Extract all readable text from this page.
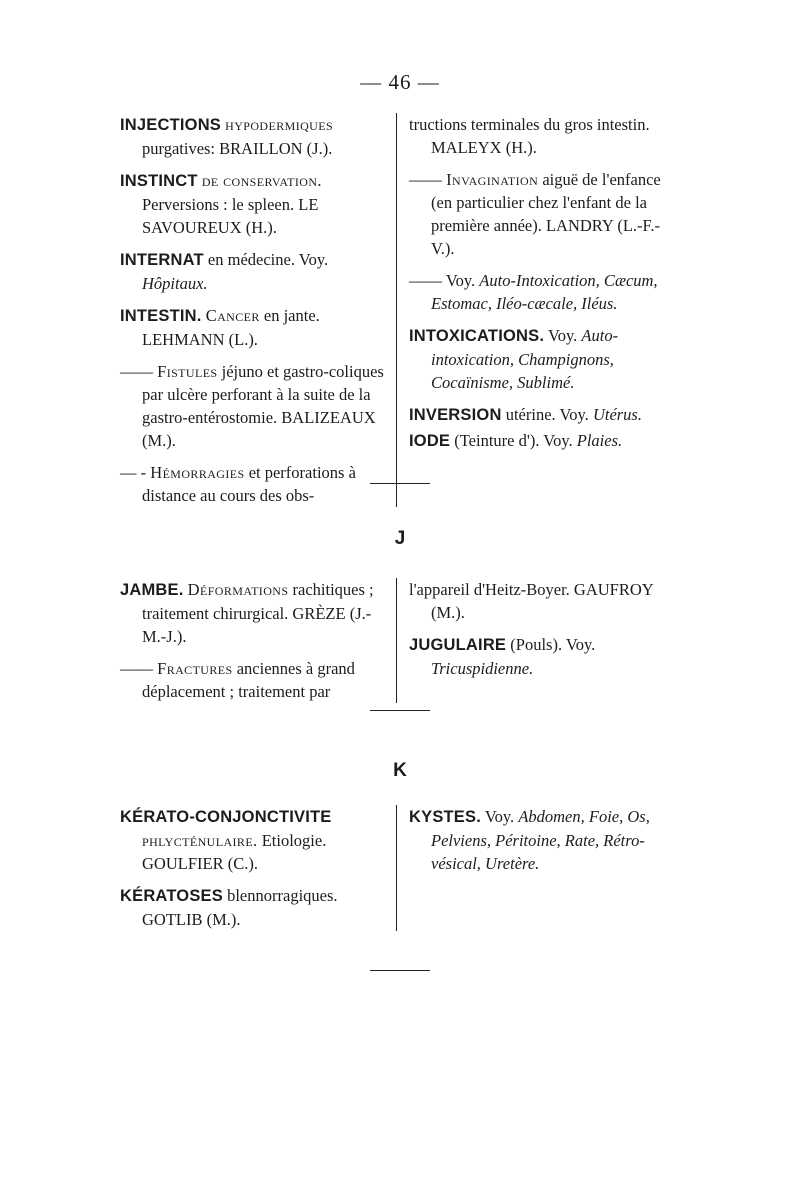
— 46 —

INJECTIONS hypodermiques purgatives: BRAILLON (J.).

INSTINCT de conservation. Perversions : le spleen. LE SAVOUREUX (H.).

INTERNAT en médecine. Voy. Hôpitaux.

INTESTIN. Cancer en jante. LEHMANN (L.).

—— Fistules jéjuno et gastro-coliques par ulcère perforant à la suite de la gastro-entérostomie. BALIZEAUX (M.).

— - Hémorragies et perforations à distance au cours des obs-

tructions terminales du gros intestin. MALEYX (H.).

—— Invagination aiguë de l'enfance (en particulier chez l'enfant de la première année). LANDRY (L.-F.-V.).

—— Voy. Auto-Intoxication, Cæcum, Estomac, Iléo-cæcale, Iléus.

INTOXICATIONS. Voy. Auto-intoxication, Champignons, Cocaïnisme, Sublimé.

INVERSION utérine. Voy. Utérus.

IODE (Teinture d'). Voy. Plaies.

J

JAMBE. Déformations rachitiques ; traitement chirurgical. GRÈZE (J.-M.-J.).

—— Fractures anciennes à grand déplacement ; traitement par

l'appareil d'Heitz-Boyer. GAUFROY (M.).

JUGULAIRE (Pouls). Voy. Tricuspidienne.

K

KÉRATO-CONJONCTIVITE phlycténulaire. Etiologie. GOULFIER (C.).

KÉRATOSES blennorragiques. GOTLIB (M.).

KYSTES. Voy. Abdomen, Foie, Os, Pelviens, Péritoine, Rate, Rétro-vésical, Uretère.
